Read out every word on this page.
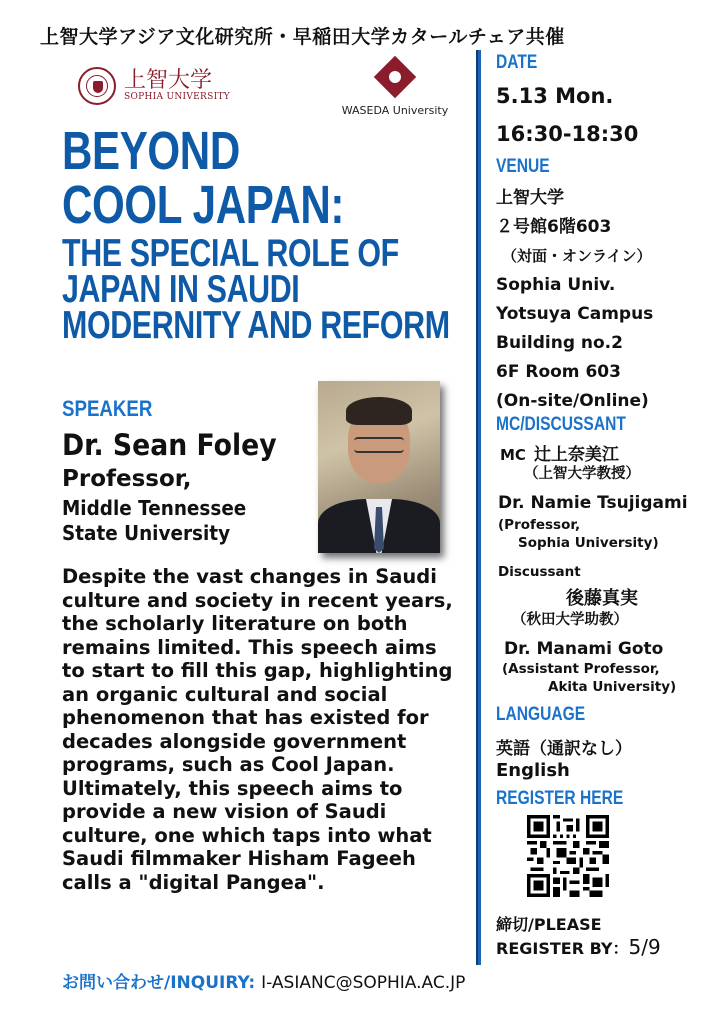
上智大学アジア文化研究所・早稲田大学カタールチェア共催
上智大学
SOPHIA UNIVERSITY
WASEDA University
BEYOND
COOL JAPAN:
THE SPECIAL ROLE OF
JAPAN IN SAUDI
MODERNITY AND REFORM
SPEAKER
Dr. Sean Foley
Professor,
Middle Tennessee
State University
Despite the vast changes in Saudi culture and society in recent years, the scholarly literature on both remains limited. This speech aims to start to fill this gap, highlighting an organic cultural and social phenomenon that has existed for decades alongside government programs, such as Cool Japan. Ultimately, this speech aims to provide a new vision of Saudi culture, one which taps into what Saudi filmmaker Hisham Fageeh calls a "digital Pangea".
DATE
5.13 Mon.
16:30-18:30
VENUE
上智大学
２号館6階603
（対面・オンライン）
Sophia Univ.
Yotsuya Campus
Building no.2
6F Room 603
(On-site/Online)
MC/DISCUSSANT
MC 辻上奈美江
（上智大学教授）
Dr. Namie Tsujigami
(Professor,
Sophia University)
Discussant
後藤真実
（秋田大学助教）
Dr. Manami Goto
(Assistant Professor,
Akita University)
LANGUAGE
英語（通訳なし）
English
REGISTER HERE
締切/PLEASE
REGISTER BY：5/9
お問い合わせ/INQUIRY: I-ASIANC@SOPHIA.AC.JP
